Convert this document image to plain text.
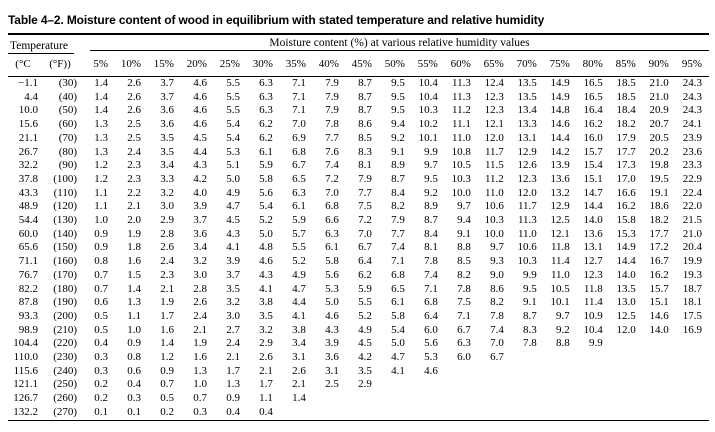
Table 4–2. Moisture content of wood in equilibrium with stated temperature and relative humidity
Temperature		Moisture content (%) at various relative humidity values																		

(°C	(°F))	5%	10%	15%	20%	25%	30%	35%	40%	45%	50%	55%	60%	65%	70%	75%	80%	85%	90%	95%
−1.1	(30)	1.4	2.6	3.7	4.6	5.5	6.3	7.1	7.9	8.7	9.5	10.4	11.3	12.4	13.5	14.9	16.5	18.5	21.0	24.3
4.4	(40)	1.4	2.6	3.7	4.6	5.5	6.3	7.1	7.9	8.7	9.5	10.4	11.3	12.3	13.5	14.9	16.5	18.5	21.0	24.3
10.0	(50)	1.4	2.6	3.6	4.6	5.5	6.3	7.1	7.9	8.7	9.5	10.3	11.2	12.3	13.4	14.8	16.4	18.4	20.9	24.3
15.6	(60)	1.3	2.5	3.6	4.6	5.4	6.2	7.0	7.8	8.6	9.4	10.2	11.1	12.1	13.3	14.6	16.2	18.2	20.7	24.1
21.1	(70)	1.3	2.5	3.5	4.5	5.4	6.2	6.9	7.7	8.5	9.2	10.1	11.0	12.0	13.1	14.4	16.0	17.9	20.5	23.9
26.7	(80)	1.3	2.4	3.5	4.4	5.3	6.1	6.8	7.6	8.3	9.1	9.9	10.8	11.7	12.9	14.2	15.7	17.7	20.2	23.6
32.2	(90)	1.2	2.3	3.4	4.3	5.1	5.9	6.7	7.4	8.1	8.9	9.7	10.5	11.5	12.6	13.9	15.4	17.3	19.8	23.3
37.8	(100)	1.2	2.3	3.3	4.2	5.0	5.8	6.5	7.2	7.9	8.7	9.5	10.3	11.2	12.3	13.6	15.1	17.0	19.5	22.9
43.3	(110)	1.1	2.2	3.2	4.0	4.9	5.6	6.3	7.0	7.7	8.4	9.2	10.0	11.0	12.0	13.2	14.7	16.6	19.1	22.4
48.9	(120)	1.1	2.1	3.0	3.9	4.7	5.4	6.1	6.8	7.5	8.2	8.9	9.7	10.6	11.7	12.9	14.4	16.2	18.6	22.0
54.4	(130)	1.0	2.0	2.9	3.7	4.5	5.2	5.9	6.6	7.2	7.9	8.7	9.4	10.3	11.3	12.5	14.0	15.8	18.2	21.5
60.0	(140)	0.9	1.9	2.8	3.6	4.3	5.0	5.7	6.3	7.0	7.7	8.4	9.1	10.0	11.0	12.1	13.6	15.3	17.7	21.0
65.6	(150)	0.9	1.8	2.6	3.4	4.1	4.8	5.5	6.1	6.7	7.4	8.1	8.8	9.7	10.6	11.8	13.1	14.9	17.2	20.4
71.1	(160)	0.8	1.6	2.4	3.2	3.9	4.6	5.2	5.8	6.4	7.1	7.8	8.5	9.3	10.3	11.4	12.7	14.4	16.7	19.9
76.7	(170)	0.7	1.5	2.3	3.0	3.7	4.3	4.9	5.6	6.2	6.8	7.4	8.2	9.0	9.9	11.0	12.3	14.0	16.2	19.3
82.2	(180)	0.7	1.4	2.1	2.8	3.5	4.1	4.7	5.3	5.9	6.5	7.1	7.8	8.6	9.5	10.5	11.8	13.5	15.7	18.7
87.8	(190)	0.6	1.3	1.9	2.6	3.2	3.8	4.4	5.0	5.5	6.1	6.8	7.5	8.2	9.1	10.1	11.4	13.0	15.1	18.1
93.3	(200)	0.5	1.1	1.7	2.4	3.0	3.5	4.1	4.6	5.2	5.8	6.4	7.1	7.8	8.7	9.7	10.9	12.5	14.6	17.5
98.9	(210)	0.5	1.0	1.6	2.1	2.7	3.2	3.8	4.3	4.9	5.4	6.0	6.7	7.4	8.3	9.2	10.4	12.0	14.0	16.9
104.4	(220)	0.4	0.9	1.4	1.9	2.4	2.9	3.4	3.9	4.5	5.0	5.6	6.3	7.0	7.8	8.8	9.9			
110.0	(230)	0.3	0.8	1.2	1.6	2.1	2.6	3.1	3.6	4.2	4.7	5.3	6.0	6.7						
115.6	(240)	0.3	0.6	0.9	1.3	1.7	2.1	2.6	3.1	3.5	4.1	4.6								
121.1	(250)	0.2	0.4	0.7	1.0	1.3	1.7	2.1	2.5	2.9										
126.7	(260)	0.2	0.3	0.5	0.7	0.9	1.1	1.4												
132.2	(270)	0.1	0.1	0.2	0.3	0.4	0.4													
